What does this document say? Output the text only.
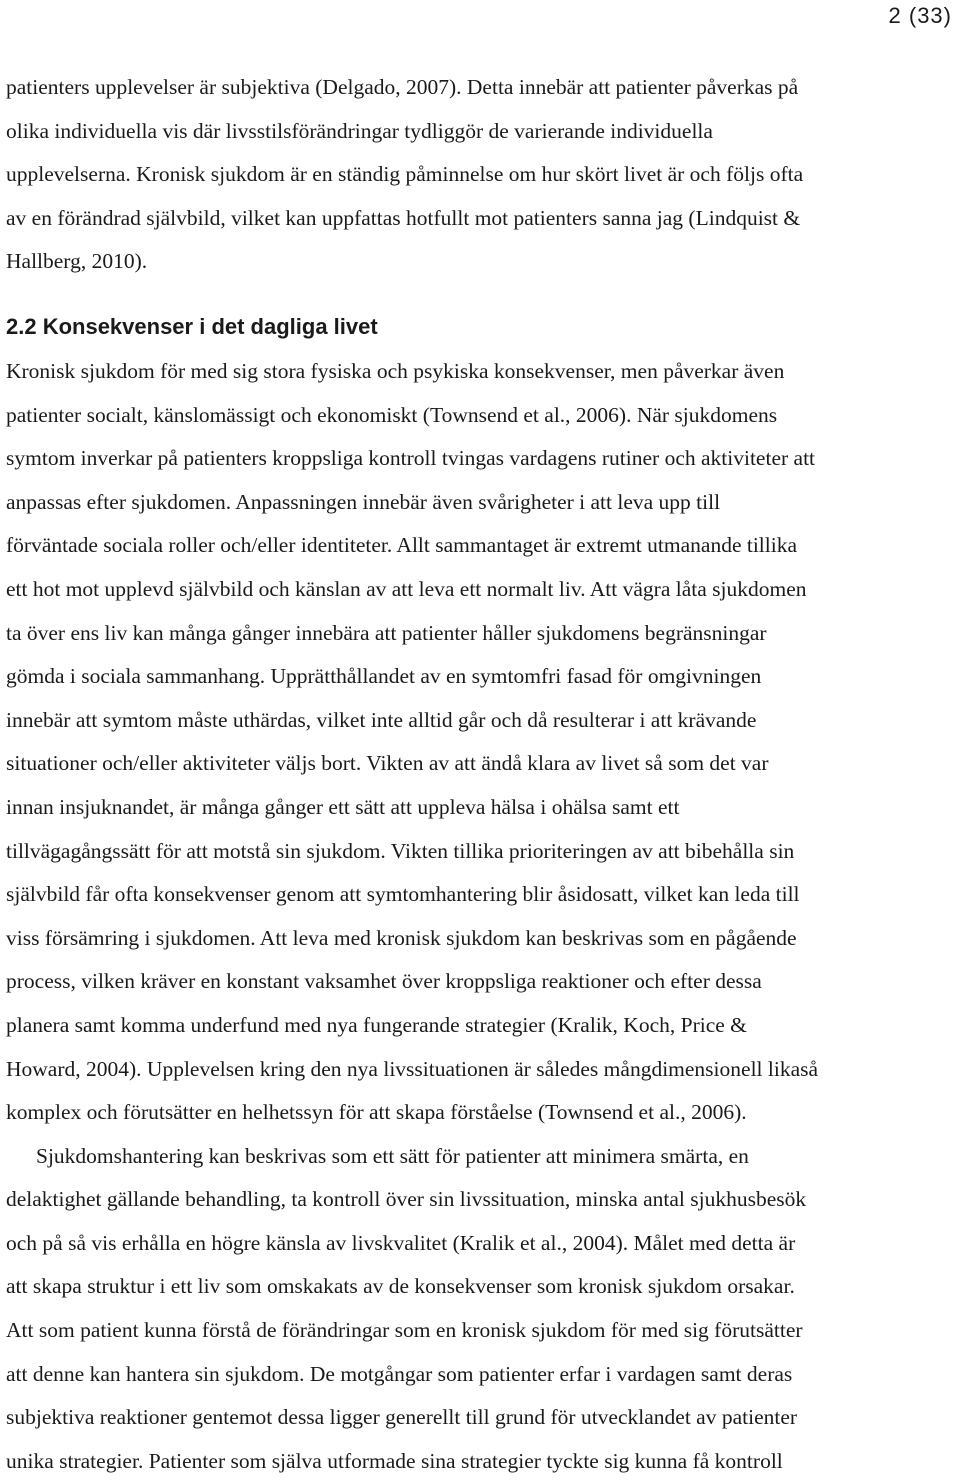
2 (33)
patienters upplevelser är subjektiva (Delgado, 2007). Detta innebär att patienter påverkas på
olika individuella vis där livsstilsförändringar tydliggör de varierande individuella
upplevelserna. Kronisk sjukdom är en ständig påminnelse om hur skört livet är och följs ofta
av en förändrad självbild, vilket kan uppfattas hotfullt mot patienters sanna jag (Lindquist &
Hallberg, 2010).
2.2 Konsekvenser i det dagliga livet
Kronisk sjukdom för med sig stora fysiska och psykiska konsekvenser, men påverkar även
patienter socialt, känslomässigt och ekonomiskt (Townsend et al., 2006). När sjukdomens
symtom inverkar på patienters kroppsliga kontroll tvingas vardagens rutiner och aktiviteter att
anpassas efter sjukdomen. Anpassningen innebär även svårigheter i att leva upp till
förväntade sociala roller och/eller identiteter. Allt sammantaget är extremt utmanande tillika
ett hot mot upplevd självbild och känslan av att leva ett normalt liv. Att vägra låta sjukdomen
ta över ens liv kan många gånger innebära att patienter håller sjukdomens begränsningar
gömda i sociala sammanhang. Upprätthållandet av en symtomfri fasad för omgivningen
innebär att symtom måste uthärdas, vilket inte alltid går och då resulterar i att krävande
situationer och/eller aktiviteter väljs bort. Vikten av att ändå klara av livet så som det var
innan insjuknandet, är många gånger ett sätt att uppleva hälsa i ohälsa samt ett
tillvägagångssätt för att motstå sin sjukdom. Vikten tillika prioriteringen av att bibehålla sin
självbild får ofta konsekvenser genom att symtomhantering blir åsidosatt, vilket kan leda till
viss försämring i sjukdomen. Att leva med kronisk sjukdom kan beskrivas som en pågående
process, vilken kräver en konstant vaksamhet över kroppsliga reaktioner och efter dessa
planera samt komma underfund med nya fungerande strategier (Kralik, Koch, Price &
Howard, 2004). Upplevelsen kring den nya livssituationen är således mångdimensionell likaså
komplex och förutsätter en helhetssyn för att skapa förståelse (Townsend et al., 2006).
Sjukdomshantering kan beskrivas som ett sätt för patienter att minimera smärta, en
delaktighet gällande behandling, ta kontroll över sin livssituation, minska antal sjukhusbesök
och på så vis erhålla en högre känsla av livskvalitet (Kralik et al., 2004). Målet med detta är
att skapa struktur i ett liv som omskakats av de konsekvenser som kronisk sjukdom orsakar.
Att som patient kunna förstå de förändringar som en kronisk sjukdom för med sig förutsätter
att denne kan hantera sin sjukdom. De motgångar som patienter erfar i vardagen samt deras
subjektiva reaktioner gentemot dessa ligger generellt till grund för utvecklandet av patienter
unika strategier. Patienter som själva utformade sina strategier tyckte sig kunna få kontroll
